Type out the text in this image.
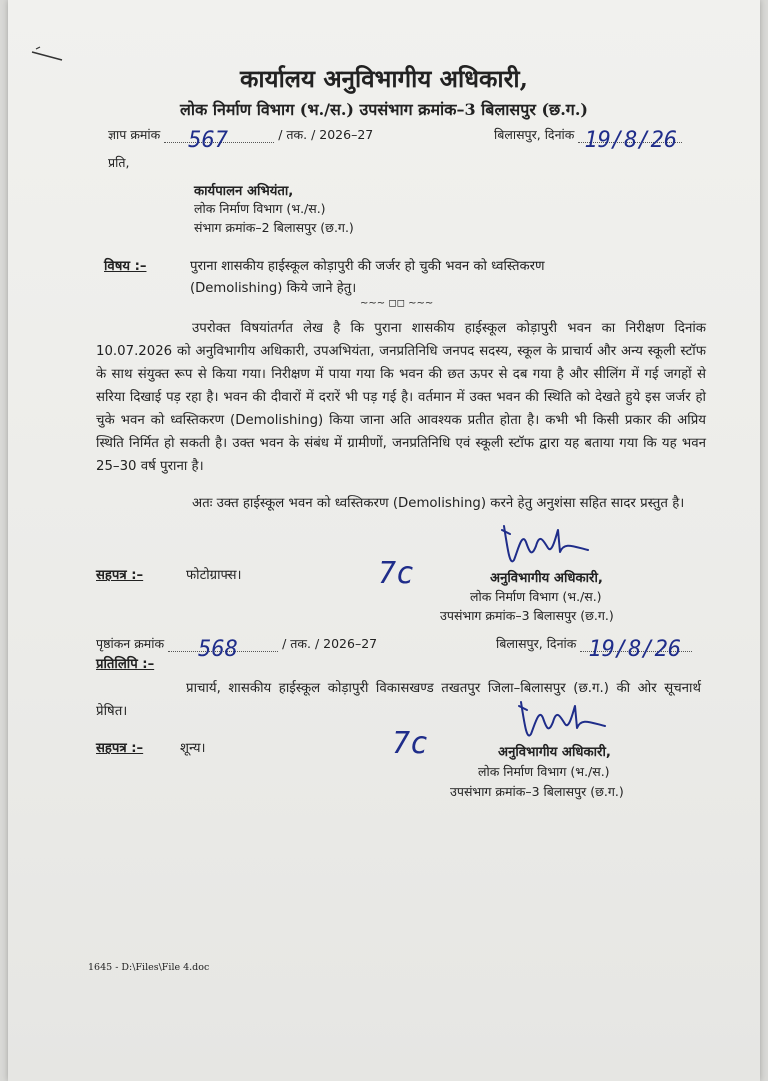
कार्यालय अनुविभागीय अधिकारी,
लोक निर्माण विभाग (भ./स.) उपसंभाग क्रमांक–3 बिलासपुर (छ.ग.)
ज्ञाप क्रमांक 567	/ तक. / 2026–27	बिलासपुर, दिनांक 19/8/26
प्रति,
कार्यपालन अभियंता,
लोक निर्माण विभाग (भ./स.)
संभाग क्रमांक–2 बिलासपुर (छ.ग.)
विषय :–	पुराना शासकीय हाईस्कूल कोड़ापुरी की जर्जर हो चुकी भवन को ध्वस्तिकरण
(Demolishing) किये जाने हेतु।
~~~ ◻◻ ~~~
उपरोक्त विषयांतर्गत लेख है कि पुराना शासकीय हाईस्कूल कोड़ापुरी भवन का निरीक्षण दिनांक 10.07.2026 को अनुविभागीय अधिकारी, उपअभियंता, जनप्रतिनिधि जनपद सदस्य, स्कूल के प्राचार्य और अन्य स्कूली स्टॉफ के साथ संयुक्त रूप से किया गया। निरीक्षण में पाया गया कि भवन की छत ऊपर से दब गया है और सीलिंग में गई जगहों से सरिया दिखाई पड़ रहा है। भवन की दीवारों में दरारें भी पड़ गई है। वर्तमान में उक्त भवन की स्थिति को देखते हुये इस जर्जर हो चुके भवन को ध्वस्तिकरण (Demolishing) किया जाना अति आवश्यक प्रतीत होता है। कभी भी किसी प्रकार की अप्रिय स्थिति निर्मित हो सकती है। उक्त भवन के संबंध में ग्रामीणों, जनप्रतिनिधि एवं स्कूली स्टॉफ द्वारा यह बताया गया कि यह भवन 25–30 वर्ष पुराना है।
अतः उक्त हाईस्कूल भवन को ध्वस्तिकरण (Demolishing) करने हेतु अनुशंसा सहित सादर प्रस्तुत है।
सहपत्र :–	फोटोग्राफ्स।	7c	अनुविभागीय अधिकारी,
लोक निर्माण विभाग (भ./स.)
उपसंभाग क्रमांक–3 बिलासपुर (छ.ग.)
पृष्ठांकन क्रमांक 568	/ तक. / 2026–27	बिलासपुर, दिनांक 19/8/26
प्रतिलिपि :–
प्राचार्य, शासकीय हाईस्कूल कोड़ापुरी विकासखण्ड तखतपुर जिला–बिलासपुर (छ.ग.) की ओर सूचनार्थ प्रेषित।
सहपत्र :–	शून्य।	7c	अनुविभागीय अधिकारी,
लोक निर्माण विभाग (भ./स.)
उपसंभाग क्रमांक–3 बिलासपुर (छ.ग.)
1645 - D:\Files\File 4.doc
